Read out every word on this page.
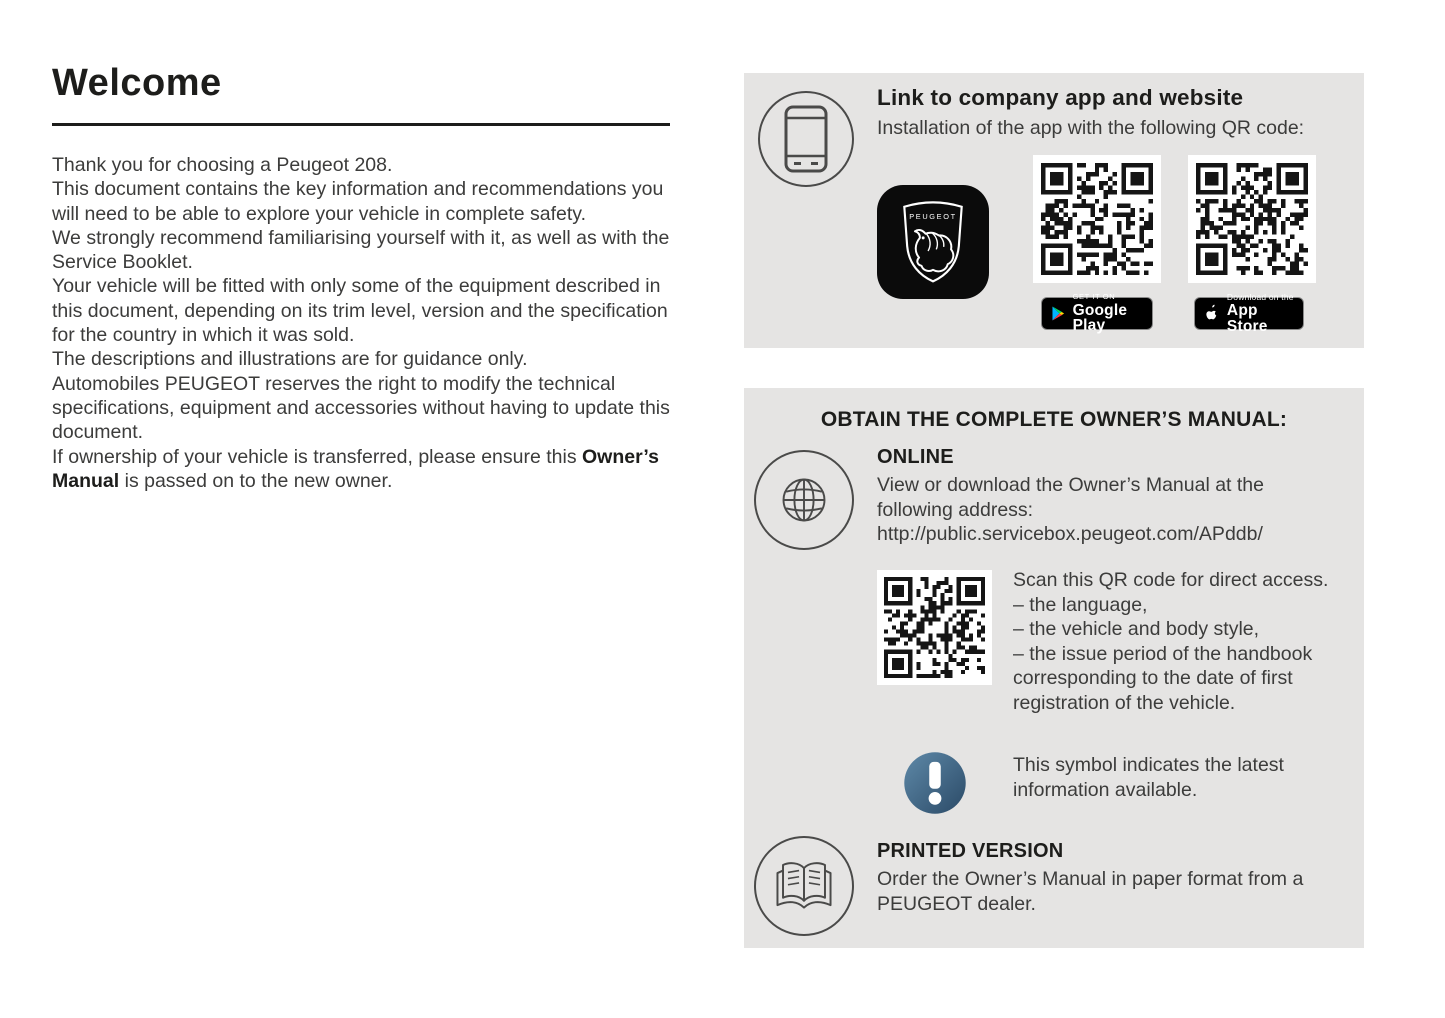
Welcome

Thank you for choosing a Peugeot 208.

This document contains the key information and recommendations you will need to be able to explore your vehicle in complete safety.

We strongly recommend familiarising yourself with it, as well as with the Service Booklet.

Your vehicle will be fitted with only some of the equipment described in this document, depending on its trim level, version and the specification for the country in which it was sold.

The descriptions and illustrations are for guidance only.

Automobiles PEUGEOT reserves the right to modify the technical specifications, equipment and accessories without having to update this document.

If ownership of your vehicle is transferred, please ensure this Owner’s Manual is passed on to the new owner.

Link to company app and website
Installation of the app with the following QR code:
PEUGEOT
GET IT ON
Google Play
Download on the
App Store
OBTAIN THE COMPLETE OWNER’S MANUAL:
ONLINE
View or download the Owner’s Manual at the following address:
http://public.servicebox.peugeot.com/APddb/
Scan this QR code for direct access.
– the language,
– the vehicle and body style,
– the issue period of the handbook corresponding to the date of first registration of the vehicle.
This symbol indicates the latest information available.
PRINTED VERSION
Order the Owner’s Manual in paper format from a PEUGEOT dealer.
